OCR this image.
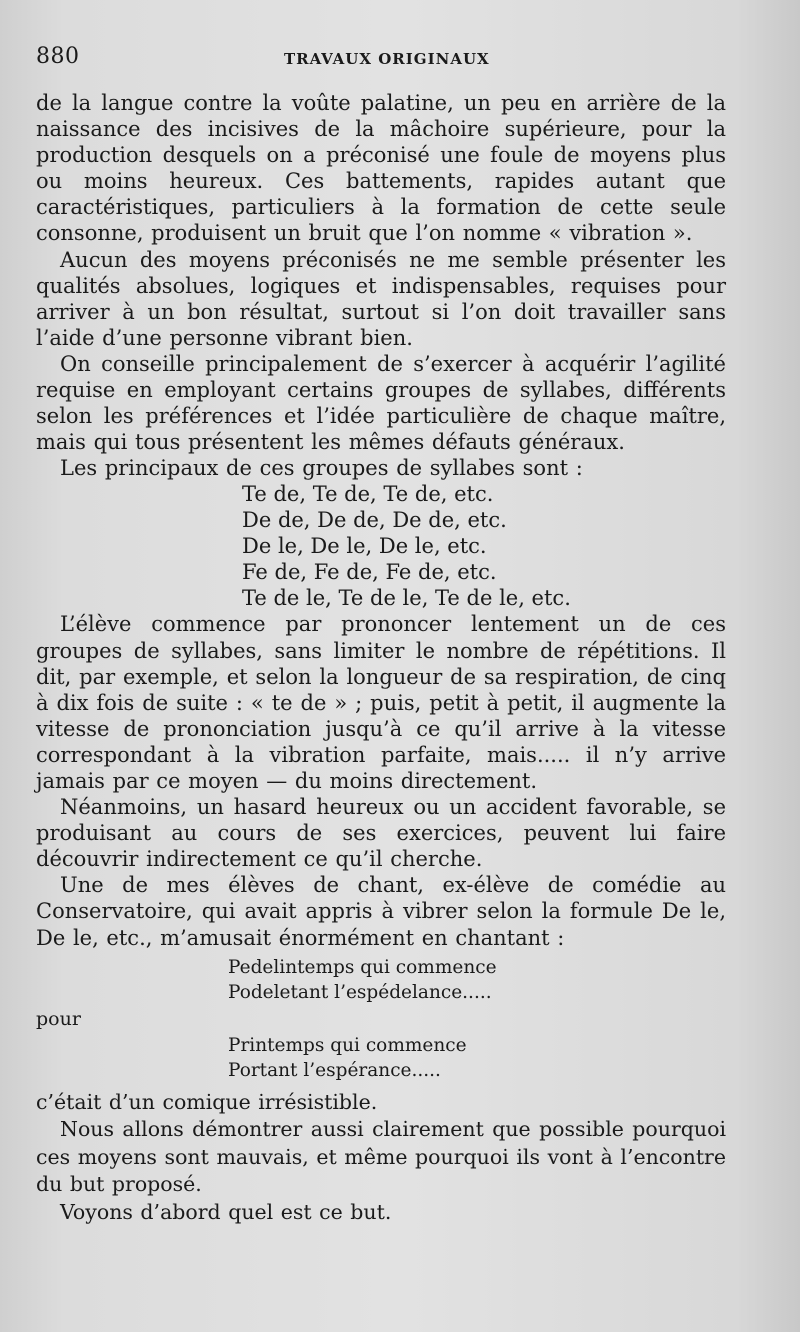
880	TRAVAUX ORIGINAUX

de la langue contre la voûte palatine, un peu en arrière de la naissance des incisives de la mâchoire supérieure, pour la production desquels on a préconisé une foule de moyens plus ou moins heureux. Ces battements, rapides autant que caractéristiques, particuliers à la formation de cette seule consonne, produisent un bruit que l’on nomme « vibration ».

Aucun des moyens préconisés ne me semble présenter les qualités absolues, logiques et indispensables, requises pour arriver à un bon résultat, surtout si l’on doit travailler sans l’aide d’une personne vibrant bien.

On conseille principalement de s’exercer à acquérir l’agilité requise en employant certains groupes de syllabes, différents selon les préférences et l’idée particulière de chaque maître, mais qui tous présentent les mêmes défauts généraux.

Les principaux de ces groupes de syllabes sont :

Te de, Te de, Te de, etc.
De de, De de, De de, etc.
De le, De le, De le, etc.
Fe de, Fe de, Fe de, etc.
Te de le, Te de le, Te de le, etc.

L’élève commence par prononcer lentement un de ces groupes de syllabes, sans limiter le nombre de répétitions. Il dit, par exemple, et selon la longueur de sa respiration, de cinq à dix fois de suite : « te de » ; puis, petit à petit, il augmente la vitesse de prononciation jusqu’à ce qu’il arrive à la vitesse correspondant à la vibration parfaite, mais..... il n’y arrive jamais par ce moyen — du moins directement.

Néanmoins, un hasard heureux ou un accident favorable, se produisant au cours de ses exercices, peuvent lui faire découvrir indirectement ce qu’il cherche.

Une de mes élèves de chant, ex-élève de comédie au Conservatoire, qui avait appris à vibrer selon la formule De le, De le, etc., m’amusait énormément en chantant :

Pedelintemps qui commence
Podeletant l’espédelance.....

pour

Printemps qui commence
Portant l’espérance.....

c’était d’un comique irrésistible.

Nous allons démontrer aussi clairement que possible pourquoi ces moyens sont mauvais, et même pourquoi ils vont à l’encontre du but proposé.

Voyons d’abord quel est ce but.
